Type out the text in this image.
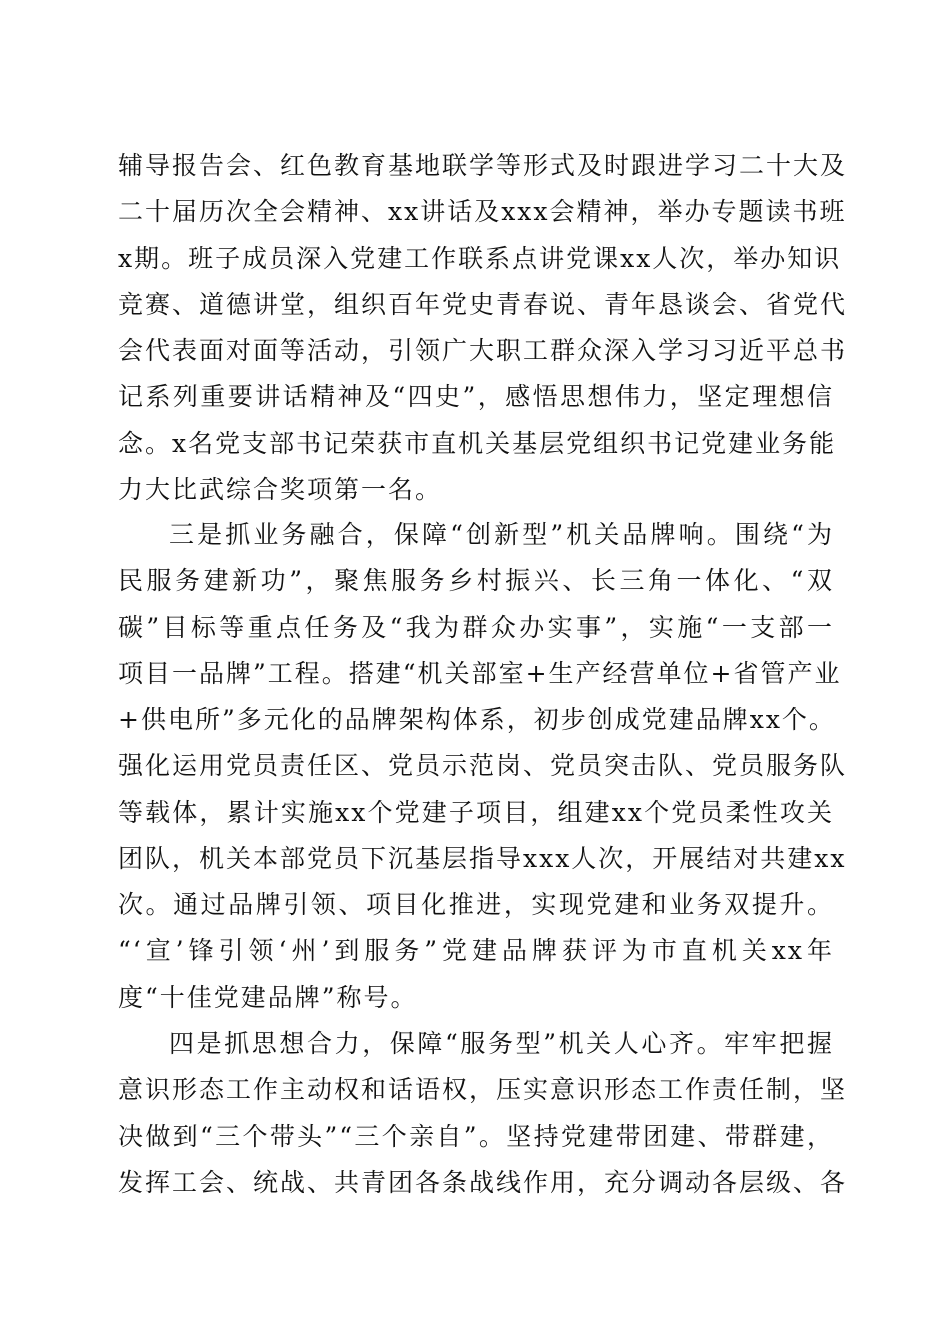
辅导报告会、红色教育基地联学等形式及时跟进学习二十大及
二十届历次全会精神、xx讲话及xxx会精神，举办专题读书班
x期。班子成员深入党建工作联系点讲党课xx人次，举办知识
竞赛、道德讲堂，组织百年党史青春说、青年恳谈会、省党代
会代表面对面等活动，引领广大职工群众深入学习习近平总书
记系列重要讲话精神及“四史”，感悟思想伟力，坚定理想信
念。x名党支部书记荣获市直机关基层党组织书记党建业务能
力大比武综合奖项第一名。
三是抓业务融合，保障“创新型”机关品牌响。围绕“为
民服务建新功”，聚焦服务乡村振兴、长三角一体化、“双
碳”目标等重点任务及“我为群众办实事”，实施“一支部一
项目一品牌”工程。搭建“机关部室+生产经营单位+省管产业
+供电所”多元化的品牌架构体系，初步创成党建品牌xx个。
强化运用党员责任区、党员示范岗、党员突击队、党员服务队
等载体，累计实施xx个党建子项目，组建xx个党员柔性攻关
团队，机关本部党员下沉基层指导xxx人次，开展结对共建xx
次。通过品牌引领、项目化推进，实现党建和业务双提升。
“‘宣’锋引领‘州’到服务”党建品牌获评为市直机关xx年
度“十佳党建品牌”称号。
四是抓思想合力，保障“服务型”机关人心齐。牢牢把握
意识形态工作主动权和话语权，压实意识形态工作责任制，坚
决做到“三个带头”“三个亲自”。坚持党建带团建、带群建，
发挥工会、统战、共青团各条战线作用，充分调动各层级、各
